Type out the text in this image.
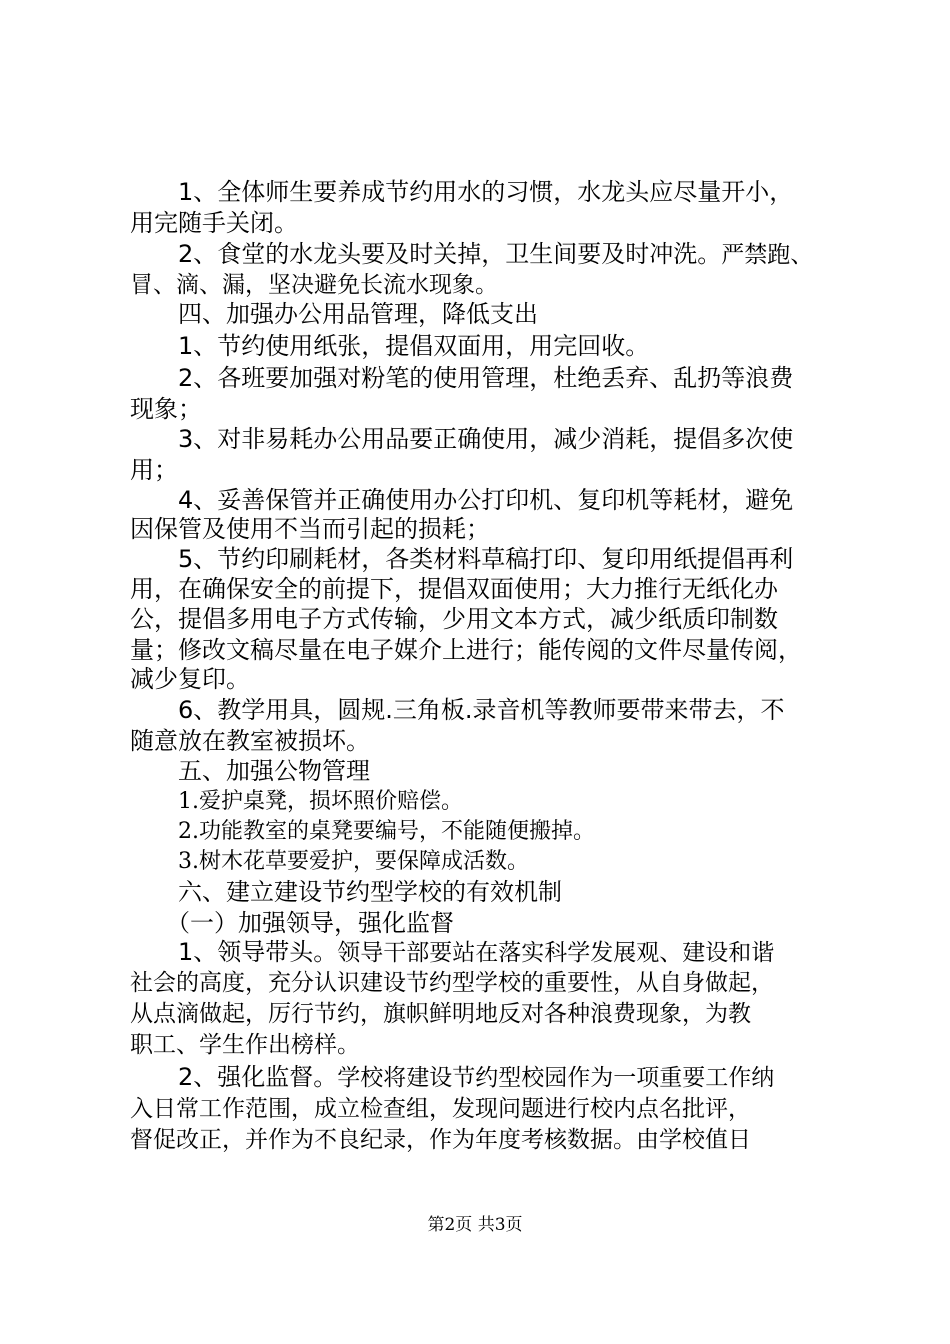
1、全体师生要养成节约用水的习惯，水龙头应尽量开小，
用完随手关闭。
2、食堂的水龙头要及时关掉，卫生间要及时冲洗。严禁跑、
冒、滴、漏，坚决避免长流水现象。
四、加强办公用品管理，降低支出
1、节约使用纸张，提倡双面用，用完回收。
2、各班要加强对粉笔的使用管理，杜绝丢弃、乱扔等浪费
现象；
3、对非易耗办公用品要正确使用，减少消耗，提倡多次使
用；
4、妥善保管并正确使用办公打印机、复印机等耗材，避免
因保管及使用不当而引起的损耗；
5、节约印刷耗材，各类材料草稿打印、复印用纸提倡再利
用，在确保安全的前提下，提倡双面使用；大力推行无纸化办
公，提倡多用电子方式传输，少用文本方式，减少纸质印制数
量；修改文稿尽量在电子媒介上进行；能传阅的文件尽量传阅，
减少复印。
6、教学用具，圆规.三角板.录音机等教师要带来带去，不
随意放在教室被损坏。
五、加强公物管理
1.爱护桌凳，损坏照价赔偿。
2.功能教室的桌凳要编号，不能随便搬掉。
3.树木花草要爱护，要保障成活数。
六、建立建设节约型学校的有效机制
（一）加强领导，强化监督
1、领导带头。领导干部要站在落实科学发展观、建设和谐
社会的高度，充分认识建设节约型学校的重要性，从自身做起，
从点滴做起，厉行节约，旗帜鲜明地反对各种浪费现象，为教
职工、学生作出榜样。
2、强化监督。学校将建设节约型校园作为一项重要工作纳
入日常工作范围，成立检查组，发现问题进行校内点名批评，
督促改正，并作为不良纪录，作为年度考核数据。由学校值日
第2页 共3页
